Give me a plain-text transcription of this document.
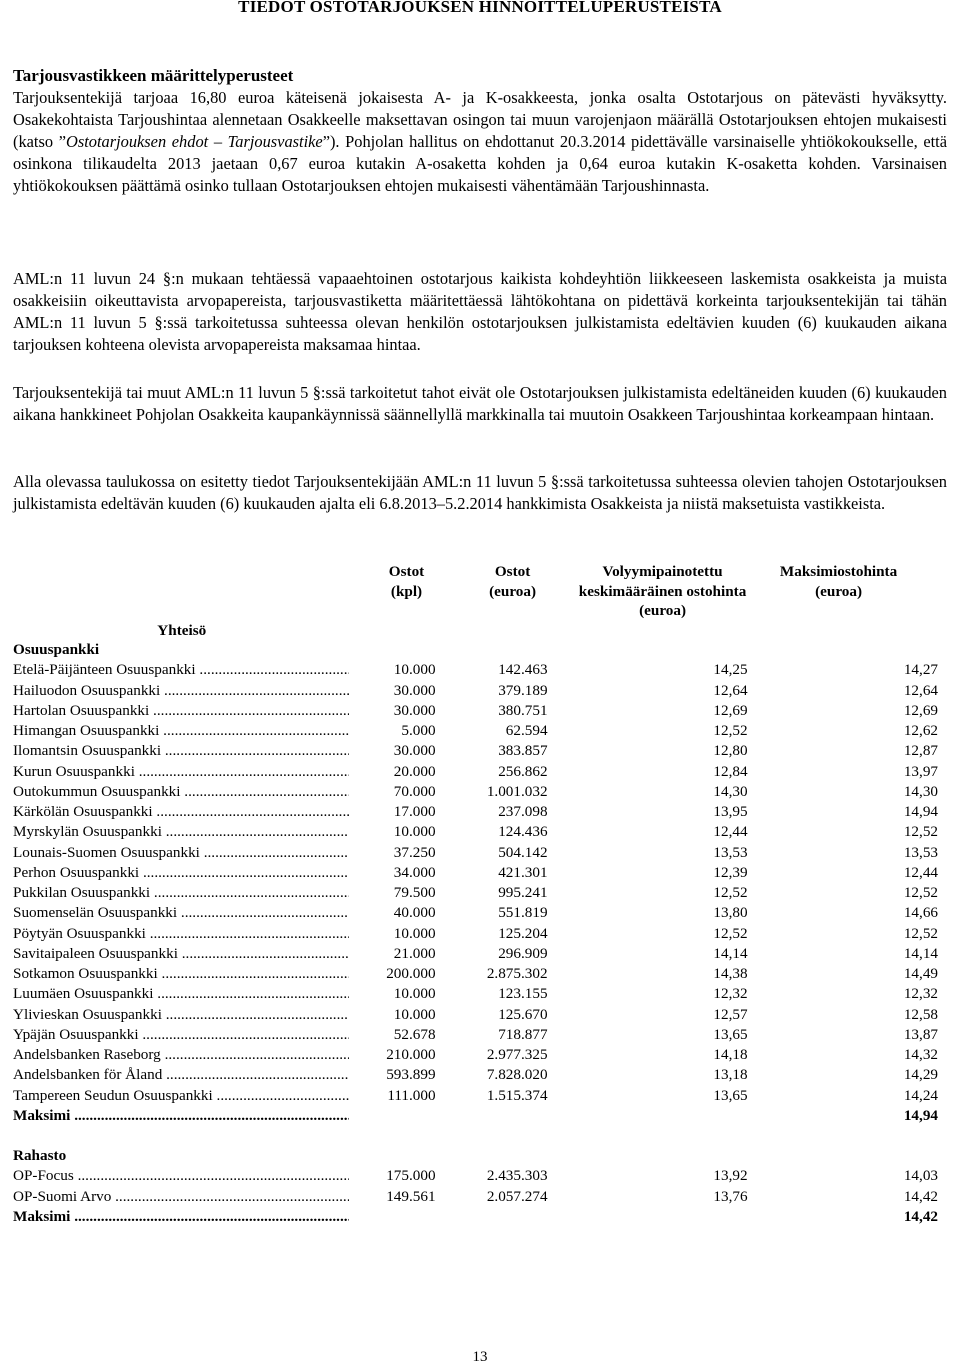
TIEDOT OSTOTARJOUKSEN HINNOITTELUPERUSTEISTA
Tarjousvastikkeen määrittelyperusteet

Tarjouksentekijä tarjoaa 16,80 euroa käteisenä jokaisesta A- ja K-osakkeesta, jonka osalta Ostotarjous on pätevästi hyväksytty. Osakekohtaista Tarjoushintaa alennetaan Osakkeelle maksettavan osingon tai muun varojenjaon määrällä Ostotarjouksen ehtojen mukaisesti (katso ”Ostotarjouksen ehdot – Tarjousvastike”). Pohjolan hallitus on ehdottanut 20.3.2014 pidettävälle varsinaiselle yhtiökokoukselle, että osinkona tilikaudelta 2013 jaetaan 0,67 euroa kutakin A-osaketta kohden ja 0,64 euroa kutakin K-osaketta kohden. Varsinaisen yhtiökokouksen päättämä osinko tullaan Ostotarjouksen ehtojen mukaisesti vähentämään Tarjoushinnasta.

AML:n 11 luvun 24 §:n mukaan tehtäessä vapaaehtoinen ostotarjous kaikista kohdeyhtiön liikkeeseen laskemista osakkeista ja muista osakkeisiin oikeuttavista arvopapereista, tarjousvastiketta määritettäessä lähtökohtana on pidettävä korkeinta tarjouksentekijän tai tähän AML:n 11 luvun 5 §:ssä tarkoitetussa suhteessa olevan henkilön ostotarjouksen julkistamista edeltävien kuuden (6) kuukauden aikana tarjouksen kohteena olevista arvopapereista maksamaa hintaa.

Tarjouksentekijä tai muut AML:n 11 luvun 5 §:ssä tarkoitetut tahot eivät ole Ostotarjouksen julkistamista edeltäneiden kuuden (6) kuukauden aikana hankkineet Pohjolan Osakkeita kaupankäynnissä säännellyllä markkinalla tai muutoin Osakkeen Tarjoushintaa korkeampaan hintaan.

Alla olevassa taulukossa on esitetty tiedot Tarjouksentekijään AML:n 11 luvun 5 §:ssä tarkoitetussa suhteessa olevien tahojen Ostotarjouksen julkistamista edeltävän kuuden (6) kuukauden ajalta eli 6.8.2013–5.2.2014 hankkimista Osakkeista ja niistä maksetuista vastikkeista.

Yhteisö	Ostot (kpl)	Ostot (euroa)	Volyymipainotettu keskimääräinen ostohinta (euroa)	Maksimiostohinta (euroa)

Osuuspankki				

Etelä-Päijänteen Osuuspankki .....	10.000	142.463	14,25	14,27

Hailuodon Osuuspankki .....	30.000	379.189	12,64	12,64

Hartolan Osuuspankki .....	30.000	380.751	12,69	12,69

Himangan Osuuspankki .....	5.000	62.594	12,52	12,62

Ilomantsin Osuuspankki .....	30.000	383.857	12,80	12,87

Kurun Osuuspankki .....	20.000	256.862	12,84	13,97

Outokummun Osuuspankki .....	70.000	1.001.032	14,30	14,30

Kärkölän Osuuspankki .....	17.000	237.098	13,95	14,94

Myrskylän Osuuspankki .....	10.000	124.436	12,44	12,52

Lounais-Suomen Osuuspankki .....	37.250	504.142	13,53	13,53

Perhon Osuuspankki .....	34.000	421.301	12,39	12,44

Pukkilan Osuuspankki .....	79.500	995.241	12,52	12,52

Suomenselän Osuuspankki .....	40.000	551.819	13,80	14,66

Pöytyän Osuuspankki .....	10.000	125.204	12,52	12,52

Savitaipaleen Osuuspankki .....	21.000	296.909	14,14	14,14

Sotkamon Osuuspankki .....	200.000	2.875.302	14,38	14,49

Luumäen Osuuspankki .....	10.000	123.155	12,32	12,32

Ylivieskan Osuuspankki .....	10.000	125.670	12,57	12,58

Ypäjän Osuuspankki .....	52.678	718.877	13,65	13,87

Andelsbanken Raseborg .....	210.000	2.977.325	14,18	14,32

Andelsbanken för Åland .....	593.899	7.828.020	13,18	14,29

Tampereen Seudun Osuuspankki .....	111.000	1.515.374	13,65	14,24

Maksimi .....				14,94

Rahasto				

OP-Focus .....	175.000	2.435.303	13,92	14,03

OP-Suomi Arvo .....	149.561	2.057.274	13,76	14,42

Maksimi .....				14,42
13
